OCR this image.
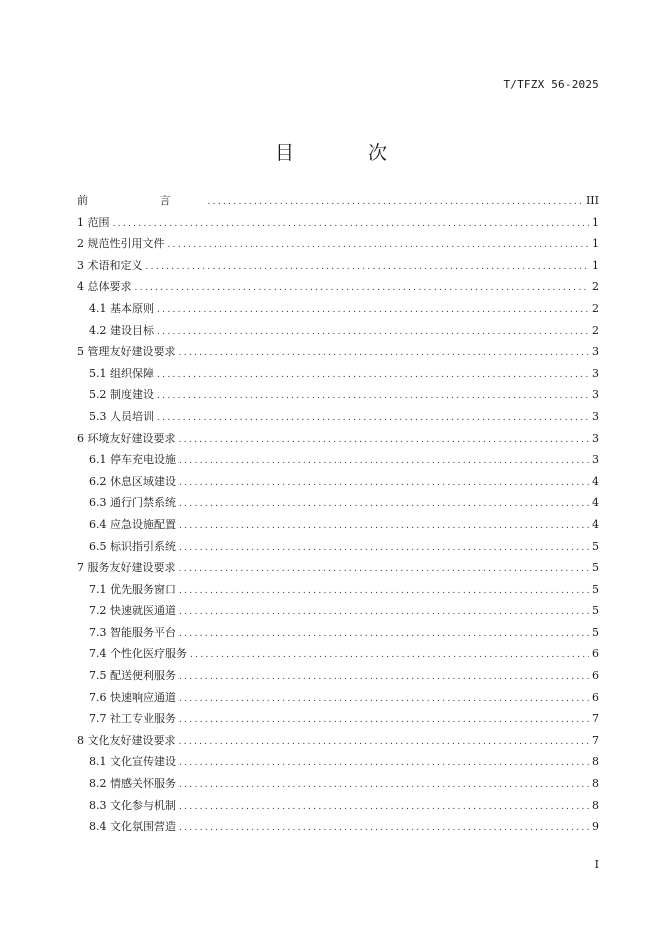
T/TFZX 56-2025
目 次
前 言 .....	III
1 范围 .....	1
2 规范性引用文件 .....	1
3 术语和定义 .....	1
4 总体要求 .....	2
4.1 基本原则 .....	2
4.2 建设目标 .....	2
5 管理友好建设要求 .....	3
5.1 组织保障 .....	3
5.2 制度建设 .....	3
5.3 人员培训 .....	3
6 环境友好建设要求 .....	3
6.1 停车充电设施 .....	3
6.2 休息区域建设 .....	4
6.3 通行门禁系统 .....	4
6.4 应急设施配置 .....	4
6.5 标识指引系统 .....	5
7 服务友好建设要求 .....	5
7.1 优先服务窗口 .....	5
7.2 快速就医通道 .....	5
7.3 智能服务平台 .....	5
7.4 个性化医疗服务 .....	6
7.5 配送便利服务 .....	6
7.6 快速响应通道 .....	6
7.7 社工专业服务 .....	7
8 文化友好建设要求 .....	7
8.1 文化宣传建设 .....	8
8.2 情感关怀服务 .....	8
8.3 文化参与机制 .....	8
8.4 文化氛围营造 .....	9
I
